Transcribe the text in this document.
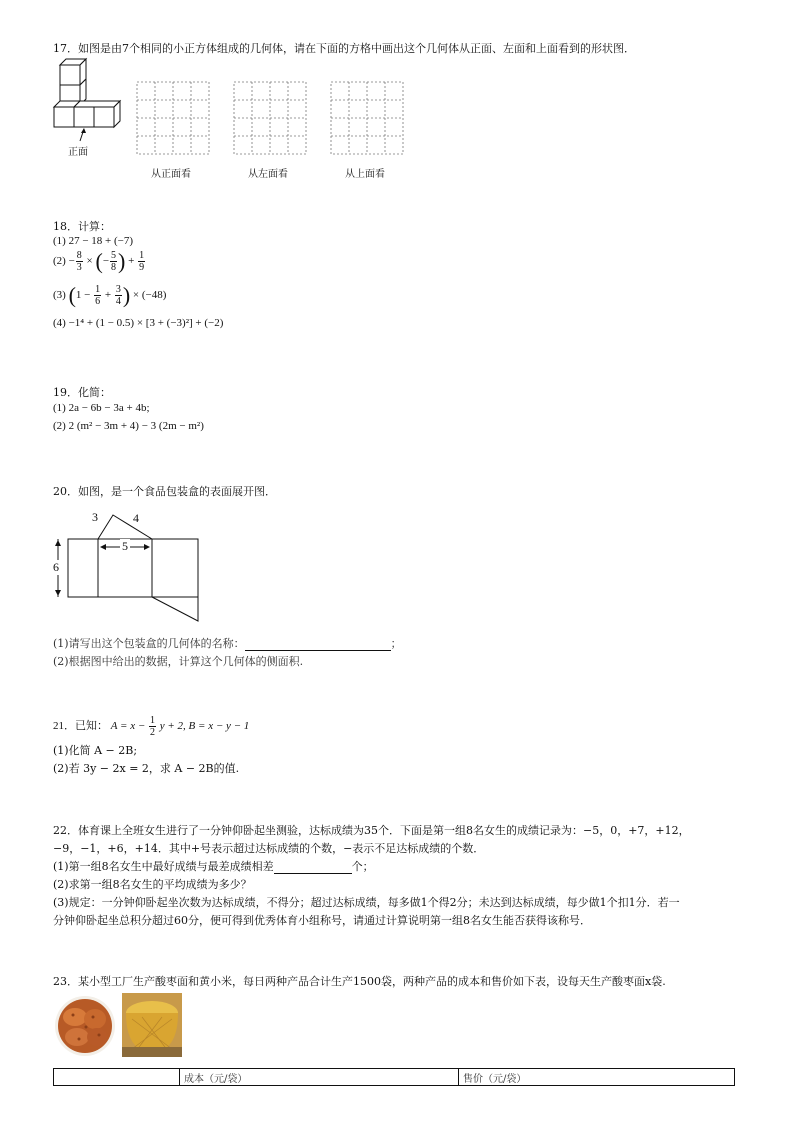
17．如图是由7个相同的小正方体组成的几何体，请在下面的方格中画出这个几何体从正面、左面和上面看到的形状图．
正面
从正面看	从左面看	从上面看
18．计算：
(1) 27 − 18 + (−7)
$(2) - \frac{8}{3}$ × (− $\frac{5}{8}$ ) + $\frac{1}{9}$
(3) ($1 - \frac{1}{6} + \frac{3}{4}$ ) × (−48)
(4) −1⁴ + (1 − 0.5) × [3 + (−3)²] + (−2)
19．化简：
(1) 2a − 6b − 3a + 4b;
(2) 2 (m² − 3m + 4) − 3 (2m − m²)
20．如图，是一个食品包装盒的表面展开图．
3	4
5
6
(1)请写出这个包装盒的几何体的名称：	；
(2)根据图中给出的数据，计算这个几何体的侧面积.
21．已知： $A = x - \frac{1}{2}$ y + 2, B = x − y − 1
(1)化简 A − 2B;
(2)若 3y − 2x = 2，求 A − 2B的值.
22．体育课上全班女生进行了一分钟仰卧起坐测验，达标成绩为35个．下面是第一组8名女生的成绩记录为：−5，0，+7，+12，
−9，−1，+6，+14．其中+号表示超过达标成绩的个数，−表示不足达标成绩的个数．
(1)第一组8名女生中最好成绩与最差成绩相差	个；
(2)求第一组8名女生的平均成绩为多少？
(3)规定：一分钟仰卧起坐次数为达标成绩，不得分；超过达标成绩，每多做1个得2分；未达到达标成绩，每少做1个扣1分．若一
分钟仰卧起坐总积分超过60分，便可得到优秀体育小组称号，请通过计算说明第一组8名女生能否获得该称号．
23．某小型工厂生产酸枣面和黄小米，每日两种产品合计生产1500袋，两种产品的成本和售价如下表，设每天生产酸枣面x袋.
	成本（元/袋）	售价（元/袋）
